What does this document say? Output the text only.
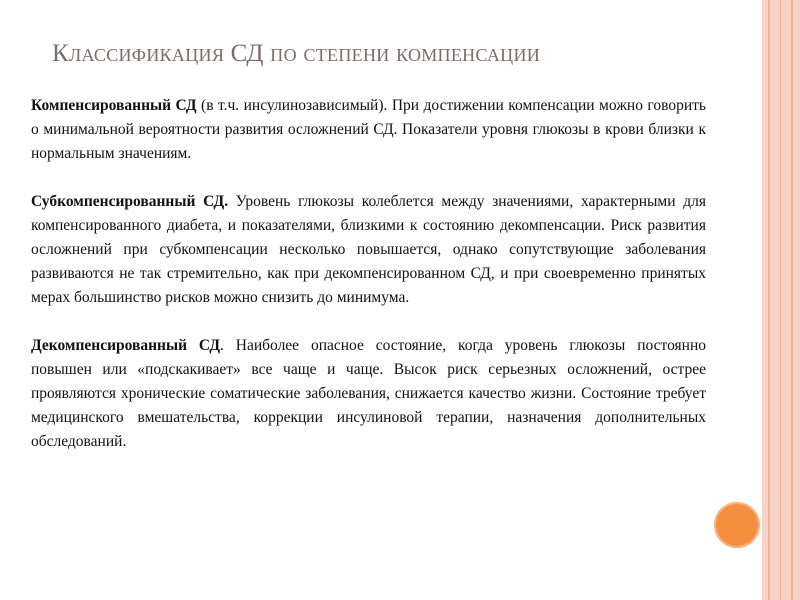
Классификация СД по степени компенсации

Компенсированный СД (в т.ч. инсулинозависимый). При достижении компенсации можно говорить о минимальной вероятности развития осложнений СД. Показатели уровня глюкозы в крови близки к нормальным значениям.

Субкомпенсированный СД. Уровень глюкозы колеблется между значениями, характерными для компенсированного диабета, и показателями, близкими к состоянию декомпенсации. Риск развития осложнений при субкомпенсации несколько повышается, однако сопутствующие заболевания развиваются не так стремительно, как при декомпенсированном СД, и при своевременно принятых мерах большинство рисков можно снизить до минимума.

Декомпенсированный СД. Наиболее опасное состояние, когда уровень глюкозы постоянно повышен или «подскакивает» все чаще и чаще. Высок риск серьезных осложнений, острее проявляются хронические соматические заболевания, снижается качество жизни. Состояние требует медицинского вмешательства, коррекции инсулиновой терапии, назначения дополнительных обследований.
